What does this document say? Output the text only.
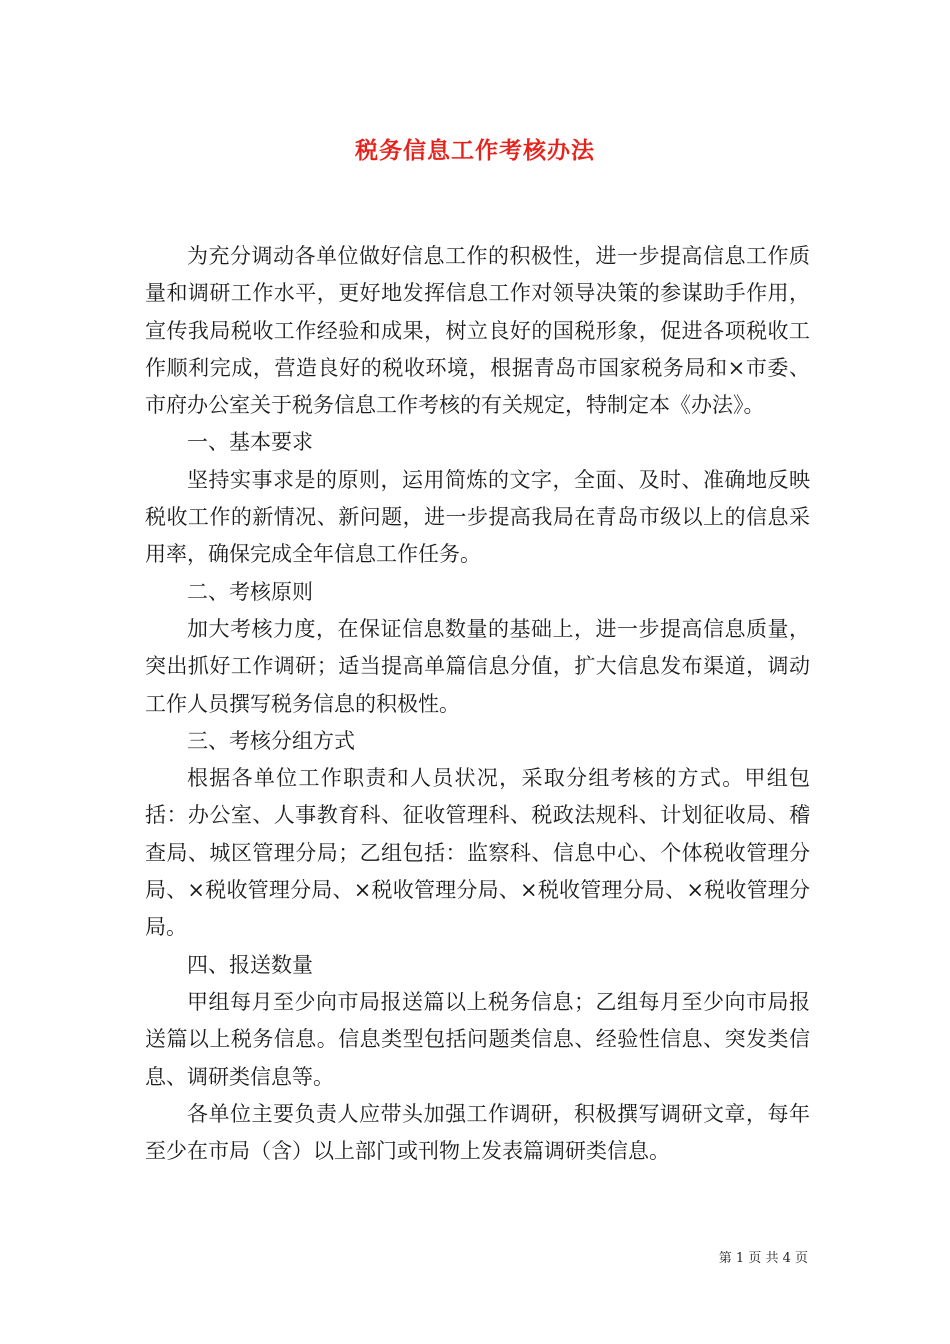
税务信息工作考核办法

为充分调动各单位做好信息工作的积极性，进一步提高信息工作质量和调研工作水平，更好地发挥信息工作对领导决策的参谋助手作用，宣传我局税收工作经验和成果，树立良好的国税形象，促进各项税收工作顺利完成，营造良好的税收环境，根据青岛市国家税务局和×市委、市府办公室关于税务信息工作考核的有关规定，特制定本《办法》。

一、基本要求

坚持实事求是的原则，运用简炼的文字，全面、及时、准确地反映税收工作的新情况、新问题，进一步提高我局在青岛市级以上的信息采用率，确保完成全年信息工作任务。

二、考核原则

加大考核力度，在保证信息数量的基础上，进一步提高信息质量，突出抓好工作调研；适当提高单篇信息分值，扩大信息发布渠道，调动工作人员撰写税务信息的积极性。

三、考核分组方式

根据各单位工作职责和人员状况，采取分组考核的方式。甲组包括：办公室、人事教育科、征收管理科、税政法规科、计划征收局、稽查局、城区管理分局；乙组包括：监察科、信息中心、个体税收管理分局、×税收管理分局、×税收管理分局、×税收管理分局、×税收管理分局。

四、报送数量

甲组每月至少向市局报送篇以上税务信息；乙组每月至少向市局报送篇以上税务信息。信息类型包括问题类信息、经验性信息、突发类信息、调研类信息等。

各单位主要负责人应带头加强工作调研，积极撰写调研文章，每年至少在市局（含）以上部门或刊物上发表篇调研类信息。

第 1 页 共 4 页
